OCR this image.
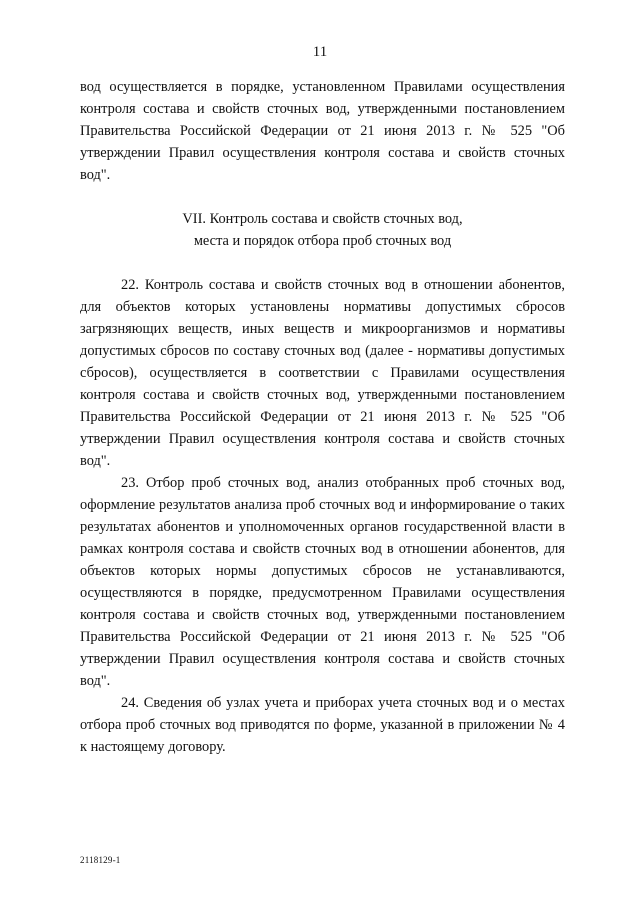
11

вод осуществляется в порядке, установленном Правилами осуществления контроля состава и свойств сточных вод, утвержденными постановлением Правительства Российской Федерации от 21 июня 2013 г. № 525 "Об утверждении Правил осуществления контроля состава и свойств сточных вод".

VII. Контроль состава и свойств сточных вод,
места и порядок отбора проб сточных вод

22. Контроль состава и свойств сточных вод в отношении абонентов, для объектов которых установлены нормативы допустимых сбросов загрязняющих веществ, иных веществ и микроорганизмов и нормативы допустимых сбросов по составу сточных вод (далее - нормативы допустимых сбросов), осуществляется в соответствии с Правилами осуществления контроля состава и свойств сточных вод, утвержденными постановлением Правительства Российской Федерации от 21 июня 2013 г. № 525 "Об утверждении Правил осуществления контроля состава и свойств сточных вод".

23. Отбор проб сточных вод, анализ отобранных проб сточных вод, оформление результатов анализа проб сточных вод и информирование о таких результатах абонентов и уполномоченных органов государственной власти в рамках контроля состава и свойств сточных вод в отношении абонентов, для объектов которых нормы допустимых сбросов не устанавливаются, осуществляются в порядке, предусмотренном Правилами осуществления контроля состава и свойств сточных вод, утвержденными постановлением Правительства Российской Федерации от 21 июня 2013 г. № 525 "Об утверждении Правил осуществления контроля состава и свойств сточных вод".

24. Сведения об узлах учета и приборах учета сточных вод и о местах отбора проб сточных вод приводятся по форме, указанной в приложении № 4 к настоящему договору.

2118129-1
